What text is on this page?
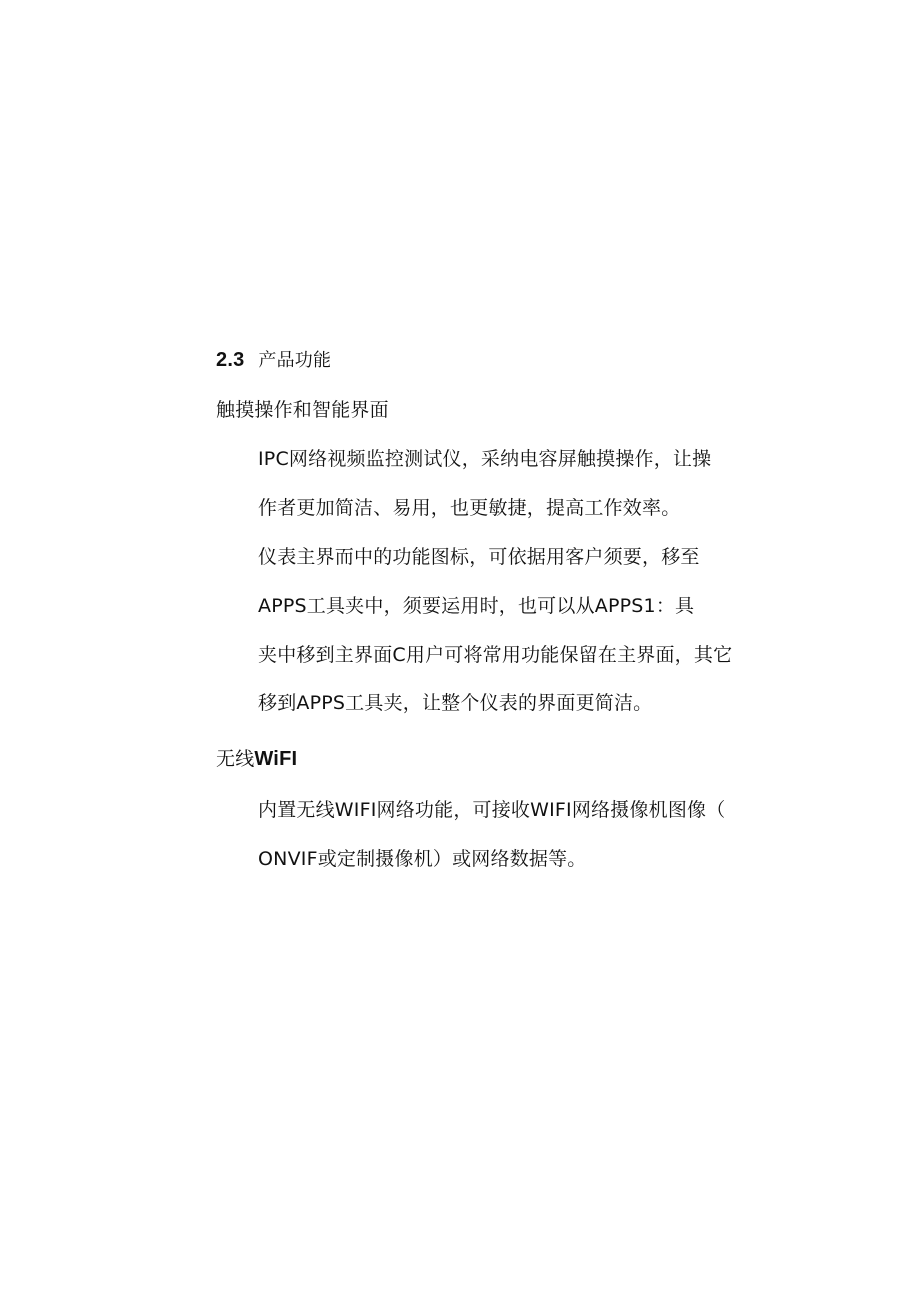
2.3 产品功能
触摸操作和智能界面
IPC网络视频监控测试仪，采纳电容屏触摸操作，让操
作者更加简洁、易用，也更敏捷，提高工作效率。
仪表主界而中的功能图标，可依据用客户须要，移至
APPS工具夹中，须要运用时，也可以从APPS1：具
夹中移到主界面C用户可将常用功能保留在主界面，其它
移到APPS工具夹，让整个仪表的界面更简洁。
无线WiFI
内置无线WIFI网络功能，可接收WIFI网络摄像机图像（
ONVIF或定制摄像机）或网络数据等。
